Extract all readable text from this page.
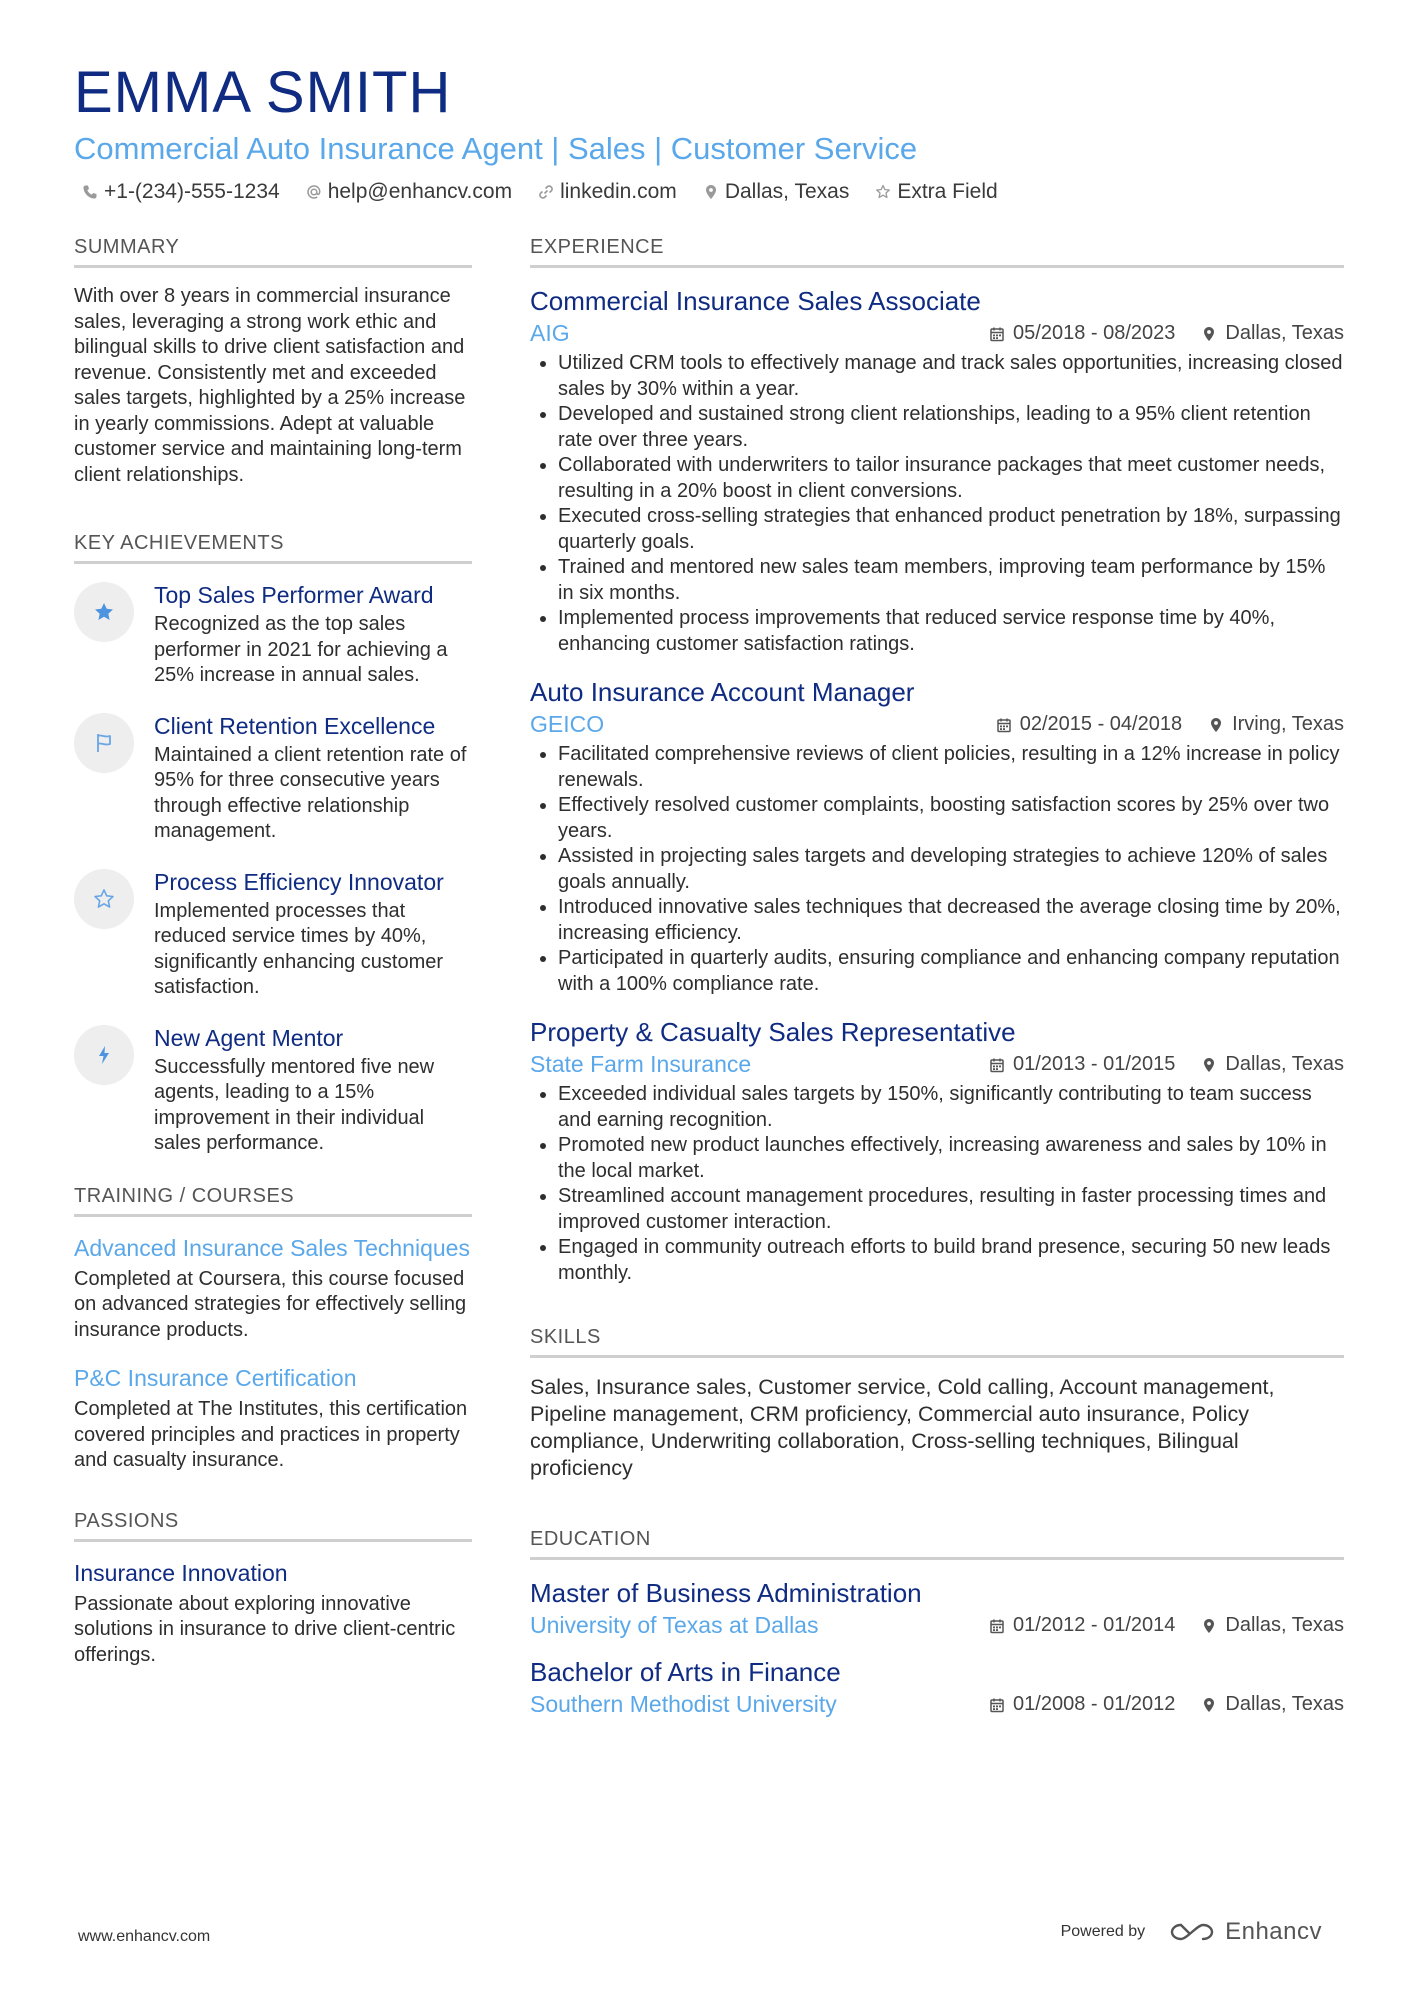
EMMA SMITH
Commercial Auto Insurance Agent | Sales | Customer Service
+1-(234)-555-1234 help@enhancv.com linkedin.com Dallas, Texas Extra Field
SUMMARY
With over 8 years in commercial insurance sales, leveraging a strong work ethic and bilingual skills to drive client satisfaction and revenue. Consistently met and exceeded sales targets, highlighted by a 25% increase in yearly commissions. Adept at valuable customer service and maintaining long-term client relationships.
KEY ACHIEVEMENTS
Top Sales Performer Award
Recognized as the top sales performer in 2021 for achieving a 25% increase in annual sales.
Client Retention Excellence
Maintained a client retention rate of 95% for three consecutive years through effective relationship management.
Process Efficiency Innovator
Implemented processes that reduced service times by 40%, significantly enhancing customer satisfaction.
New Agent Mentor
Successfully mentored five new agents, leading to a 15% improvement in their individual sales performance.
TRAINING / COURSES
Advanced Insurance Sales Techniques
Completed at Coursera, this course focused on advanced strategies for effectively selling insurance products.
P&C Insurance Certification
Completed at The Institutes, this certification covered principles and practices in property and casualty insurance.
PASSIONS
Insurance Innovation
Passionate about exploring innovative solutions in insurance to drive client-centric offerings.
EXPERIENCE
Commercial Insurance Sales Associate
AIG	05/2018 - 08/2023	Dallas, Texas
• Utilized CRM tools to effectively manage and track sales opportunities, increasing closed sales by 30% within a year.
• Developed and sustained strong client relationships, leading to a 95% client retention rate over three years.
• Collaborated with underwriters to tailor insurance packages that meet customer needs, resulting in a 20% boost in client conversions.
• Executed cross-selling strategies that enhanced product penetration by 18%, surpassing quarterly goals.
• Trained and mentored new sales team members, improving team performance by 15% in six months.
• Implemented process improvements that reduced service response time by 40%, enhancing customer satisfaction ratings.
Auto Insurance Account Manager
GEICO	02/2015 - 04/2018	Irving, Texas
• Facilitated comprehensive reviews of client policies, resulting in a 12% increase in policy renewals.
• Effectively resolved customer complaints, boosting satisfaction scores by 25% over two years.
• Assisted in projecting sales targets and developing strategies to achieve 120% of sales goals annually.
• Introduced innovative sales techniques that decreased the average closing time by 20%, increasing efficiency.
• Participated in quarterly audits, ensuring compliance and enhancing company reputation with a 100% compliance rate.
Property & Casualty Sales Representative
State Farm Insurance	01/2013 - 01/2015	Dallas, Texas
• Exceeded individual sales targets by 150%, significantly contributing to team success and earning recognition.
• Promoted new product launches effectively, increasing awareness and sales by 10% in the local market.
• Streamlined account management procedures, resulting in faster processing times and improved customer interaction.
• Engaged in community outreach efforts to build brand presence, securing 50 new leads monthly.
SKILLS
Sales, Insurance sales, Customer service, Cold calling, Account management, Pipeline management, CRM proficiency, Commercial auto insurance, Policy compliance, Underwriting collaboration, Cross-selling techniques, Bilingual proficiency
EDUCATION
Master of Business Administration
University of Texas at Dallas	01/2012 - 01/2014	Dallas, Texas
Bachelor of Arts in Finance
Southern Methodist University	01/2008 - 01/2012	Dallas, Texas
www.enhancv.com	Powered by	Enhancv
